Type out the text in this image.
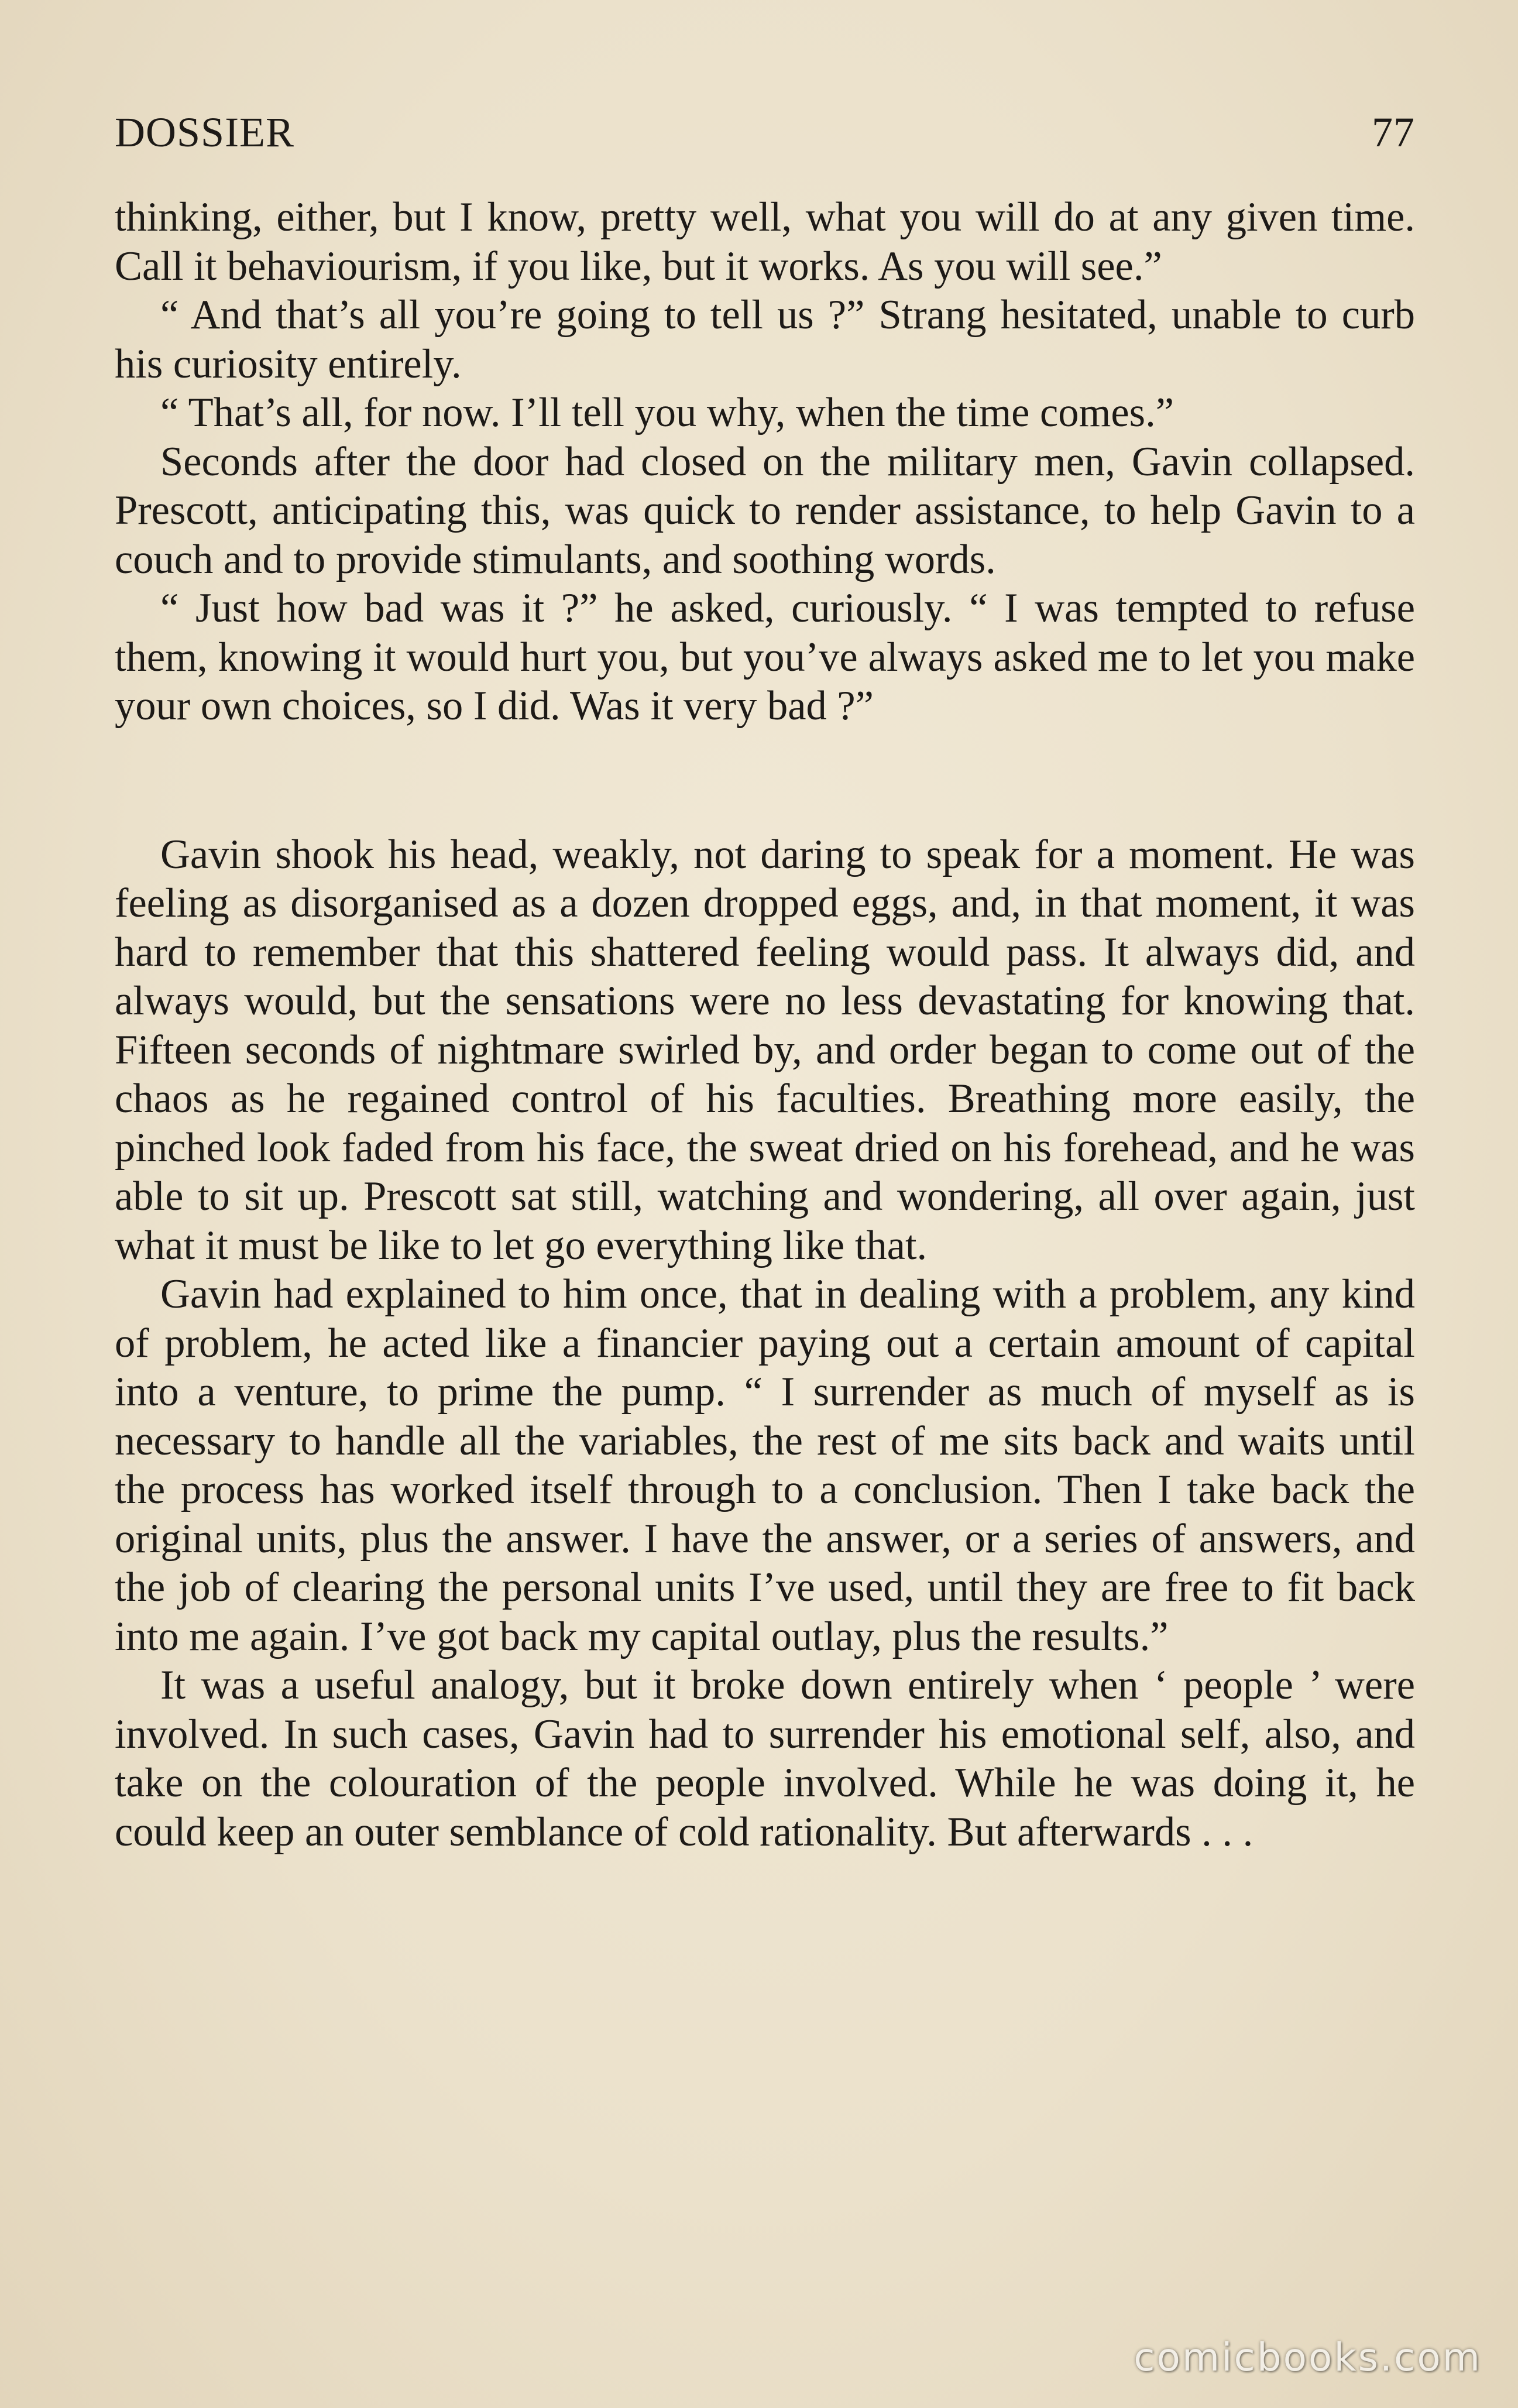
DOSSIER	77

thinking, either, but I know, pretty well, what you will do at any given time. Call it behaviourism, if you like, but it works. As you will see.”

“ And that’s all you’re going to tell us ?” Strang hesitated, unable to curb his curiosity entirely.

“ That’s all, for now. I’ll tell you why, when the time comes.”

Seconds after the door had closed on the military men, Gavin collapsed. Prescott, anticipating this, was quick to render assistance, to help Gavin to a couch and to provide stimulants, and soothing words.

“ Just how bad was it ?” he asked, curiously. “ I was tempted to refuse them, knowing it would hurt you, but you’ve always asked me to let you make your own choices, so I did. Was it very bad ?”

Gavin shook his head, weakly, not daring to speak for a moment. He was feeling as disorganised as a dozen dropped eggs, and, in that moment, it was hard to remember that this shattered feeling would pass. It always did, and always would, but the sensations were no less devastating for knowing that. Fifteen seconds of nightmare swirled by, and order began to come out of the chaos as he regained control of his faculties. Breathing more easily, the pinched look faded from his face, the sweat dried on his forehead, and he was able to sit up. Prescott sat still, watching and wondering, all over again, just what it must be like to let go everything like that.

Gavin had explained to him once, that in dealing with a problem, any kind of problem, he acted like a financier paying out a certain amount of capital into a venture, to prime the pump. “ I surrender as much of myself as is necessary to handle all the variables, the rest of me sits back and waits until the process has worked itself through to a conclusion. Then I take back the original units, plus the answer. I have the answer, or a series of answers, and the job of clearing the personal units I’ve used, until they are free to fit back into me again. I’ve got back my capital outlay, plus the results.”

It was a useful analogy, but it broke down entirely when ‘ people ’ were involved. In such cases, Gavin had to surrender his emotional self, also, and take on the colouration of the people involved. While he was doing it, he could keep an outer semblance of cold rationality. But afterwards . . .

comicbooks.com
